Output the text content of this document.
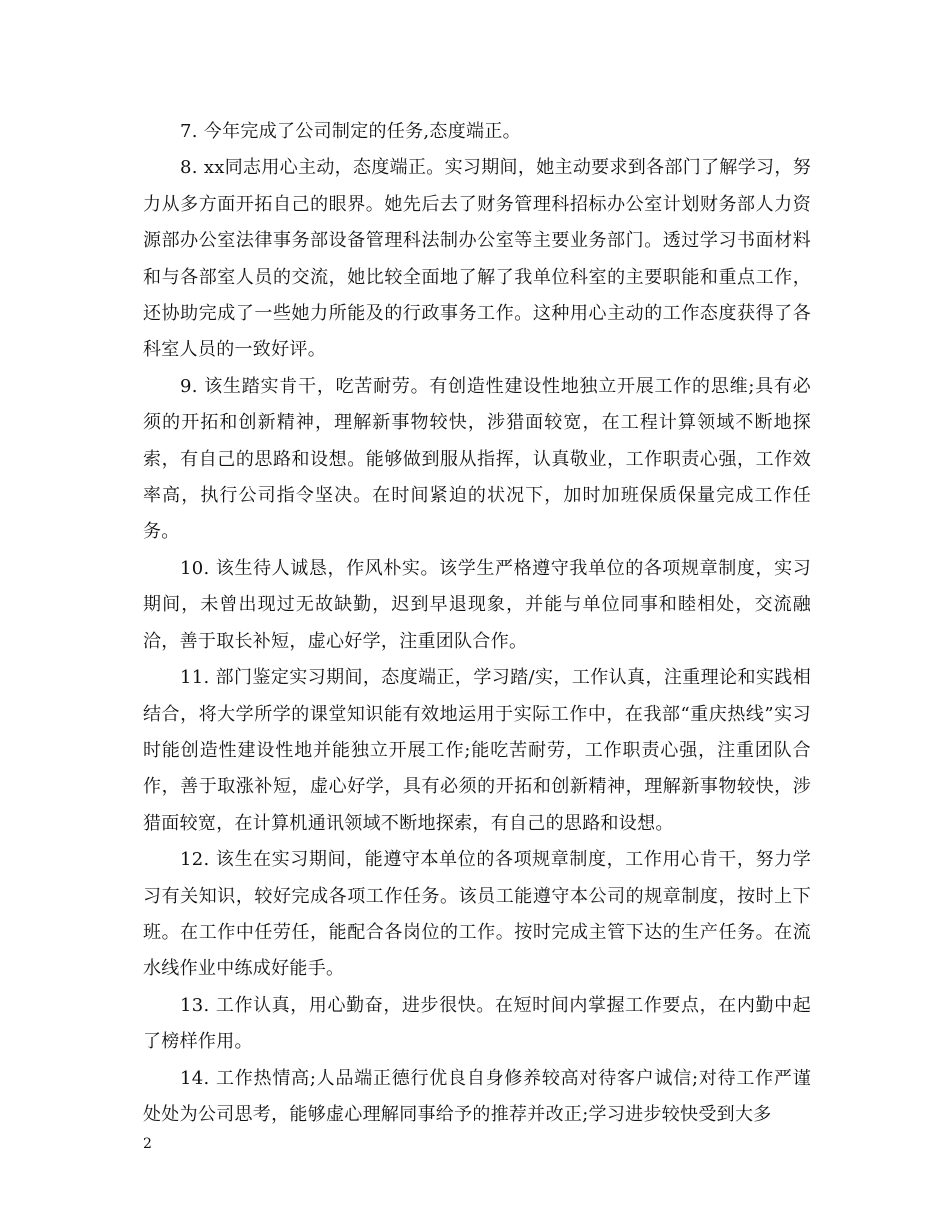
7. 今年完成了公司制定的任务,态度端正。

8. xx同志用心主动，态度端正。实习期间，她主动要求到各部门了解学习，努力从多方面开拓自己的眼界。她先后去了财务管理科招标办公室计划财务部人力资源部办公室法律事务部设备管理科法制办公室等主要业务部门。透过学习书面材料和与各部室人员的交流，她比较全面地了解了我单位科室的主要职能和重点工作，还协助完成了一些她力所能及的行政事务工作。这种用心主动的工作态度获得了各科室人员的一致好评。

9. 该生踏实肯干，吃苦耐劳。有创造性建设性地独立开展工作的思维;具有必须的开拓和创新精神，理解新事物较快，涉猎面较宽，在工程计算领域不断地探索，有自己的思路和设想。能够做到服从指挥，认真敬业，工作职责心强，工作效率高，执行公司指令坚决。在时间紧迫的状况下，加时加班保质保量完成工作任务。

10. 该生待人诚恳，作风朴实。该学生严格遵守我单位的各项规章制度，实习期间，未曾出现过无故缺勤，迟到早退现象，并能与单位同事和睦相处，交流融洽，善于取长补短，虚心好学，注重团队合作。

11. 部门鉴定实习期间，态度端正，学习踏/实，工作认真，注重理论和实践相结合，将大学所学的课堂知识能有效地运用于实际工作中，在我部“重庆热线”实习时能创造性建设性地并能独立开展工作;能吃苦耐劳，工作职责心强，注重团队合作，善于取涨补短，虚心好学，具有必须的开拓和创新精神，理解新事物较快，涉猎面较宽，在计算机通讯领域不断地探索，有自己的思路和设想。

12. 该生在实习期间，能遵守本单位的各项规章制度，工作用心肯干，努力学习有关知识，较好完成各项工作任务。该员工能遵守本公司的规章制度，按时上下班。在工作中任劳任，能配合各岗位的工作。按时完成主管下达的生产任务。在流水线作业中练成好能手。

13. 工作认真，用心勤奋，进步很快。在短时间内掌握工作要点，在内勤中起了榜样作用。

14. 工作热情高;人品端正德行优良自身修养较高对待客户诚信;对待工作严谨处处为公司思考，能够虚心理解同事给予的推荐并改正;学习进步较快受到大多

2
